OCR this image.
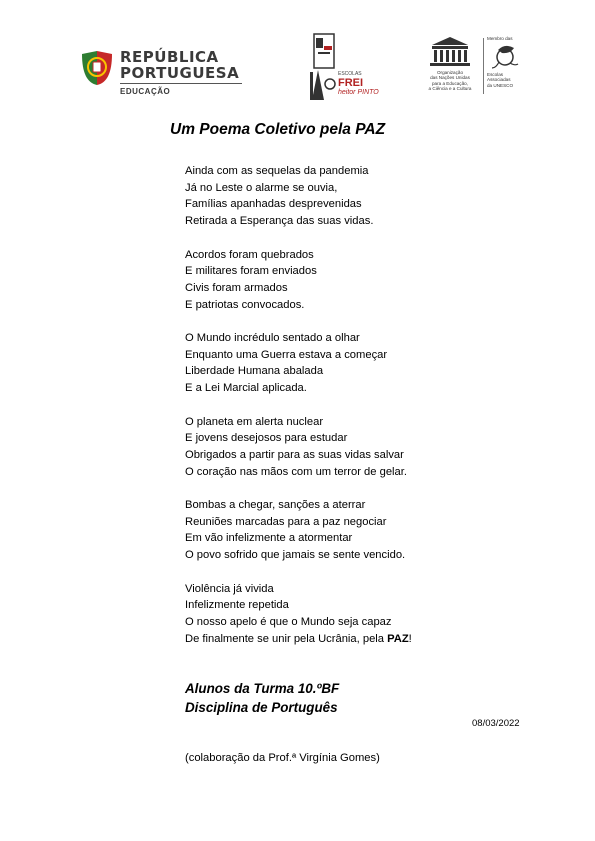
REPÚBLICA
PORTUGUESA
EDUCAÇÃO
ESCOLAS
FREI
heitor PINTO
Organização
das Nações Unidas
para a Educação,
a Ciência e a Cultura
Membro das
Escolas
Associadas
da UNESCO
Um Poema Coletivo pela PAZ
Ainda com as sequelas da pandemia
Já no Leste o alarme se ouvia,
Famílias apanhadas desprevenidas
Retirada a Esperança das suas vidas.
Acordos foram quebrados
E militares foram enviados
Civis foram armados
E patriotas convocados.
O Mundo incrédulo sentado a olhar
Enquanto uma Guerra estava a começar
Liberdade Humana abalada
E a Lei Marcial aplicada.
O planeta em alerta nuclear
E jovens desejosos para estudar
Obrigados a partir para as suas vidas salvar
O coração nas mãos com um terror de gelar.
Bombas a chegar, sanções a aterrar
Reuniões marcadas para a paz negociar
Em vão infelizmente a atormentar
O povo sofrido que jamais se sente vencido.
Violência já vivida
Infelizmente repetida
O nosso apelo é que o Mundo seja capaz
De finalmente se unir pela Ucrânia, pela PAZ!
Alunos da Turma 10.ºBF
Disciplina de Português
08/03/2022
(colaboração da Prof.ª Virgínia Gomes)
